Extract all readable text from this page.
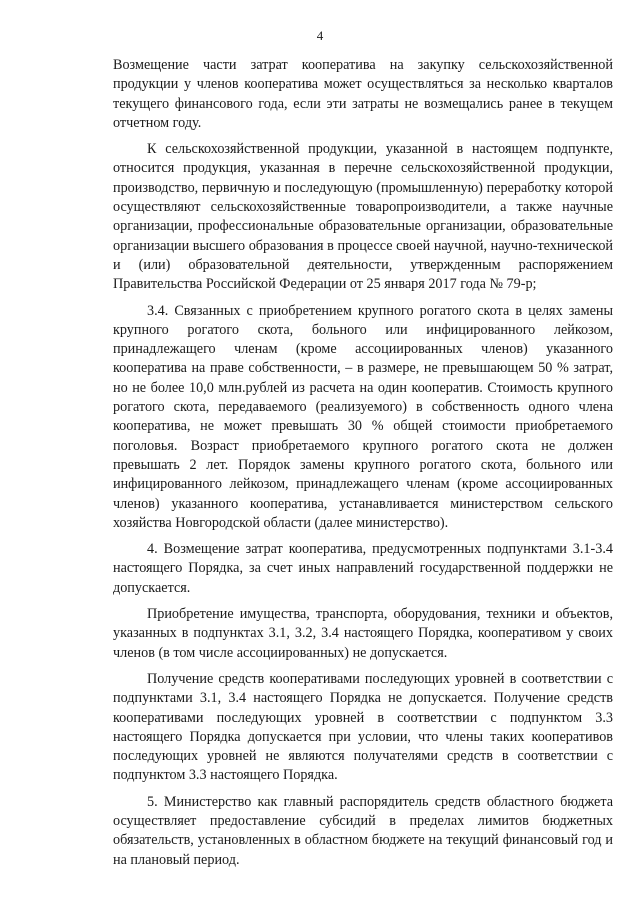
4

Возмещение части затрат кооператива на закупку сельскохозяйственной продукции у членов кооператива может осуществляться за несколько кварталов текущего финансового года, если эти затраты не возмещались ранее в текущем отчетном году.

К сельскохозяйственной продукции, указанной в настоящем подпункте, относится продукция, указанная в перечне сельскохозяйственной продукции, производство, первичную и последующую (промышленную) переработку которой осуществляют сельскохозяйственные товаропроизводители, а также научные организации, профессиональные образовательные организации, образовательные организации высшего образования в процессе своей научной, научно-технической и (или) образовательной деятельности, утвержденным распоряжением Правительства Российской Федерации от 25 января 2017 года № 79-р;

3.4. Связанных с приобретением крупного рогатого скота в целях замены крупного рогатого скота, больного или инфицированного лейкозом, принадлежащего членам (кроме ассоциированных членов) указанного кооператива на праве собственности, – в размере, не превышающем 50 % затрат, но не более 10,0 млн.рублей из расчета на один кооператив. Стоимость крупного рогатого скота, передаваемого (реализуемого) в собственность одного члена кооператива, не может превышать 30 % общей стоимости приобретаемого поголовья. Возраст приобретаемого крупного рогатого скота не должен превышать 2 лет. Порядок замены крупного рогатого скота, больного или инфицированного лейкозом, принадлежащего членам (кроме ассоциированных членов) указанного кооператива, устанавливается министерством сельского хозяйства Новгородской области (далее министерство).

4. Возмещение затрат кооператива, предусмотренных подпунктами 3.1-3.4 настоящего Порядка, за счет иных направлений государственной поддержки не допускается.

Приобретение имущества, транспорта, оборудования, техники и объектов, указанных в подпунктах 3.1, 3.2, 3.4 настоящего Порядка, кооперативом у своих членов (в том числе ассоциированных) не допускается.

Получение средств кооперативами последующих уровней в соответствии с подпунктами 3.1, 3.4 настоящего Порядка не допускается. Получение средств кооперативами последующих уровней в соответствии с подпунктом 3.3 настоящего Порядка допускается при условии, что члены таких кооперативов последующих уровней не являются получателями средств в соответствии с подпунктом 3.3 настоящего Порядка.

5. Министерство как главный распорядитель средств областного бюджета осуществляет предоставление субсидий в пределах лимитов бюджетных обязательств, установленных в областном бюджете на текущий финансовый год и на плановый период.
